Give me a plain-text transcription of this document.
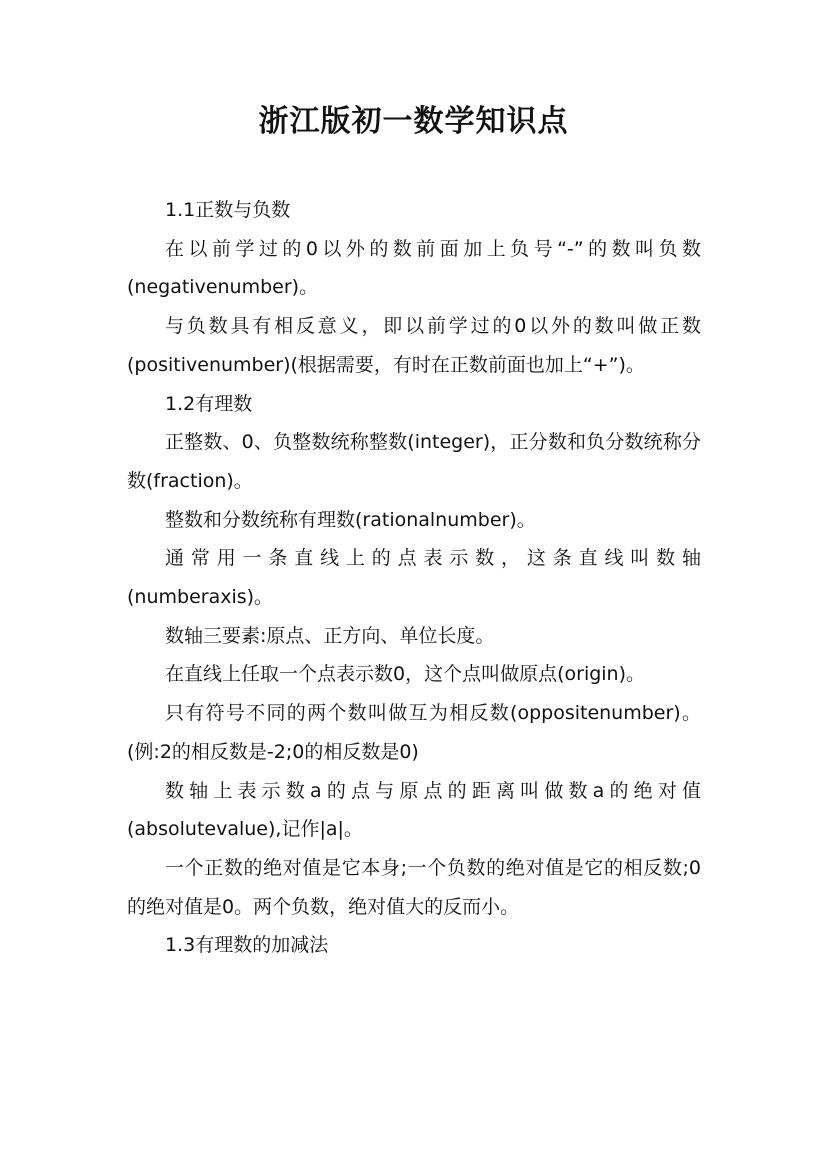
浙江版初一数学知识点

1.1正数与负数

在以前学过的0以外的数前面加上负号“-”的数叫负数(negativenumber)。

与负数具有相反意义，即以前学过的0以外的数叫做正数(positivenumber)(根据需要，有时在正数前面也加上“+”)。

1.2有理数

正整数、0、负整数统称整数(integer)，正分数和负分数统称分数(fraction)。

整数和分数统称有理数(rationalnumber)。

通常用一条直线上的点表示数，这条直线叫数轴(numberaxis)。

数轴三要素:原点、正方向、单位长度。

在直线上任取一个点表示数0，这个点叫做原点(origin)。

只有符号不同的两个数叫做互为相反数(oppositenumber)。(例:2的相反数是-2;0的相反数是0)

数轴上表示数a的点与原点的距离叫做数a的绝对值(absolutevalue),记作|a|。

一个正数的绝对值是它本身;一个负数的绝对值是它的相反数;0的绝对值是0。两个负数，绝对值大的反而小。

1.3有理数的加减法
